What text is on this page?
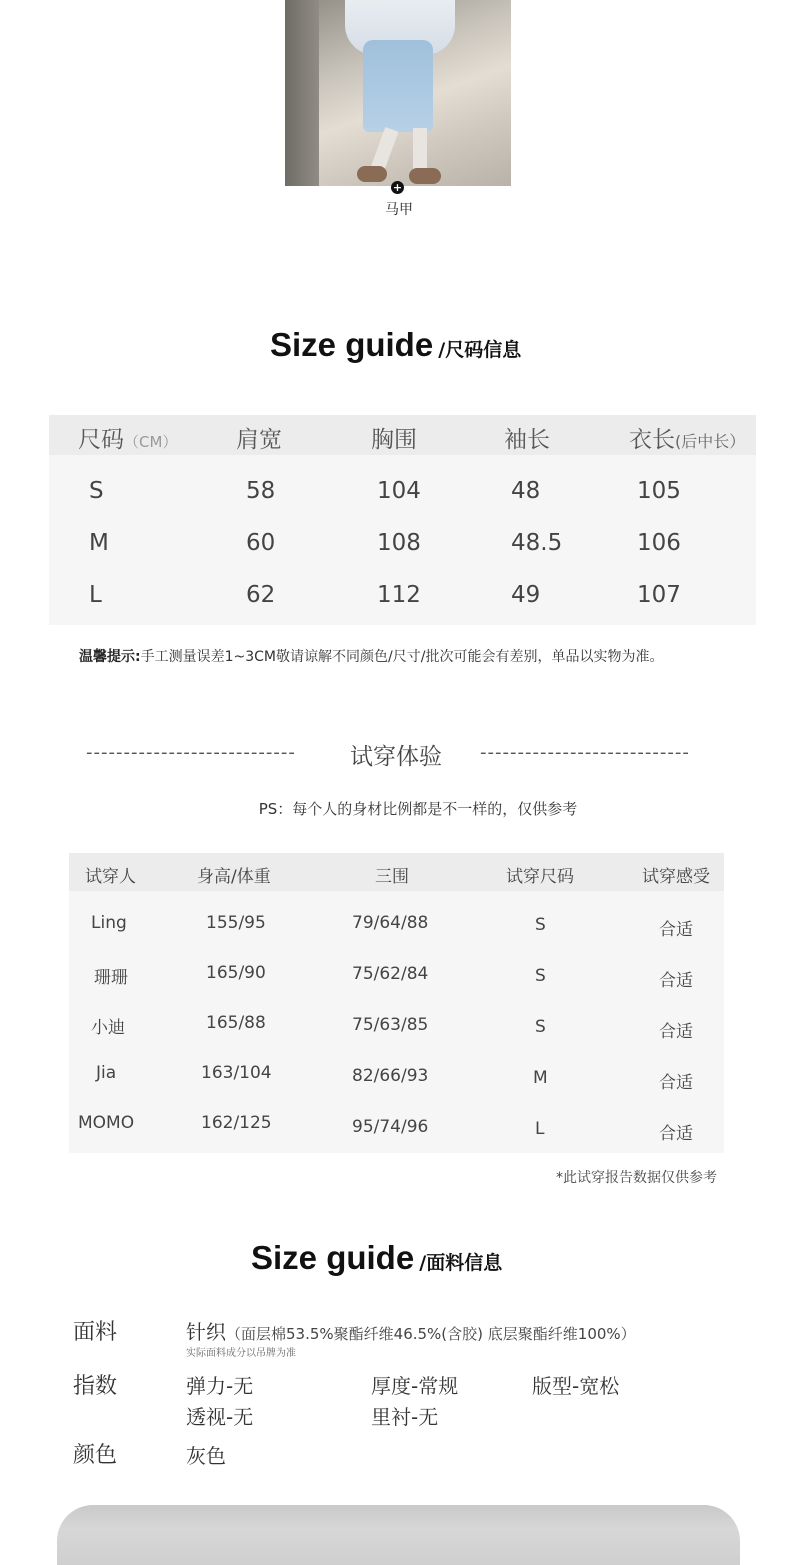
+
马甲
Size guide /尺码信息
尺码（CM）	肩宽	胸围	袖长	衣长(后中长）
S	58	104	48	105
M	60	108	48.5	106
L	62	112	49	107
温馨提示:手工测量误差1~3CM敬请谅解不同颜色/尺寸/批次可能会有差别，单品以实物为准。
---------------------------- 试穿体验 ----------------------------
PS：每个人的身材比例都是不一样的，仅供参考
试穿人	身高/体重	三围	试穿尺码	试穿感受
Ling	155/95	79/64/88	S	合适
珊珊	165/90	75/62/84	S	合适
小迪	165/88	75/63/85	S	合适
Jia	163/104	82/66/93	M	合适
MOMO	162/125	95/74/96	L	合适
*此试穿报告数据仅供参考
Size guide /面料信息
面料	针织（面层棉53.5%聚酯纤维46.5%(含胶) 底层聚酯纤维100%）
实际面料成分以吊牌为准
指数	弹力-无	厚度-常规	版型-宽松
透视-无	里衬-无
颜色	灰色
